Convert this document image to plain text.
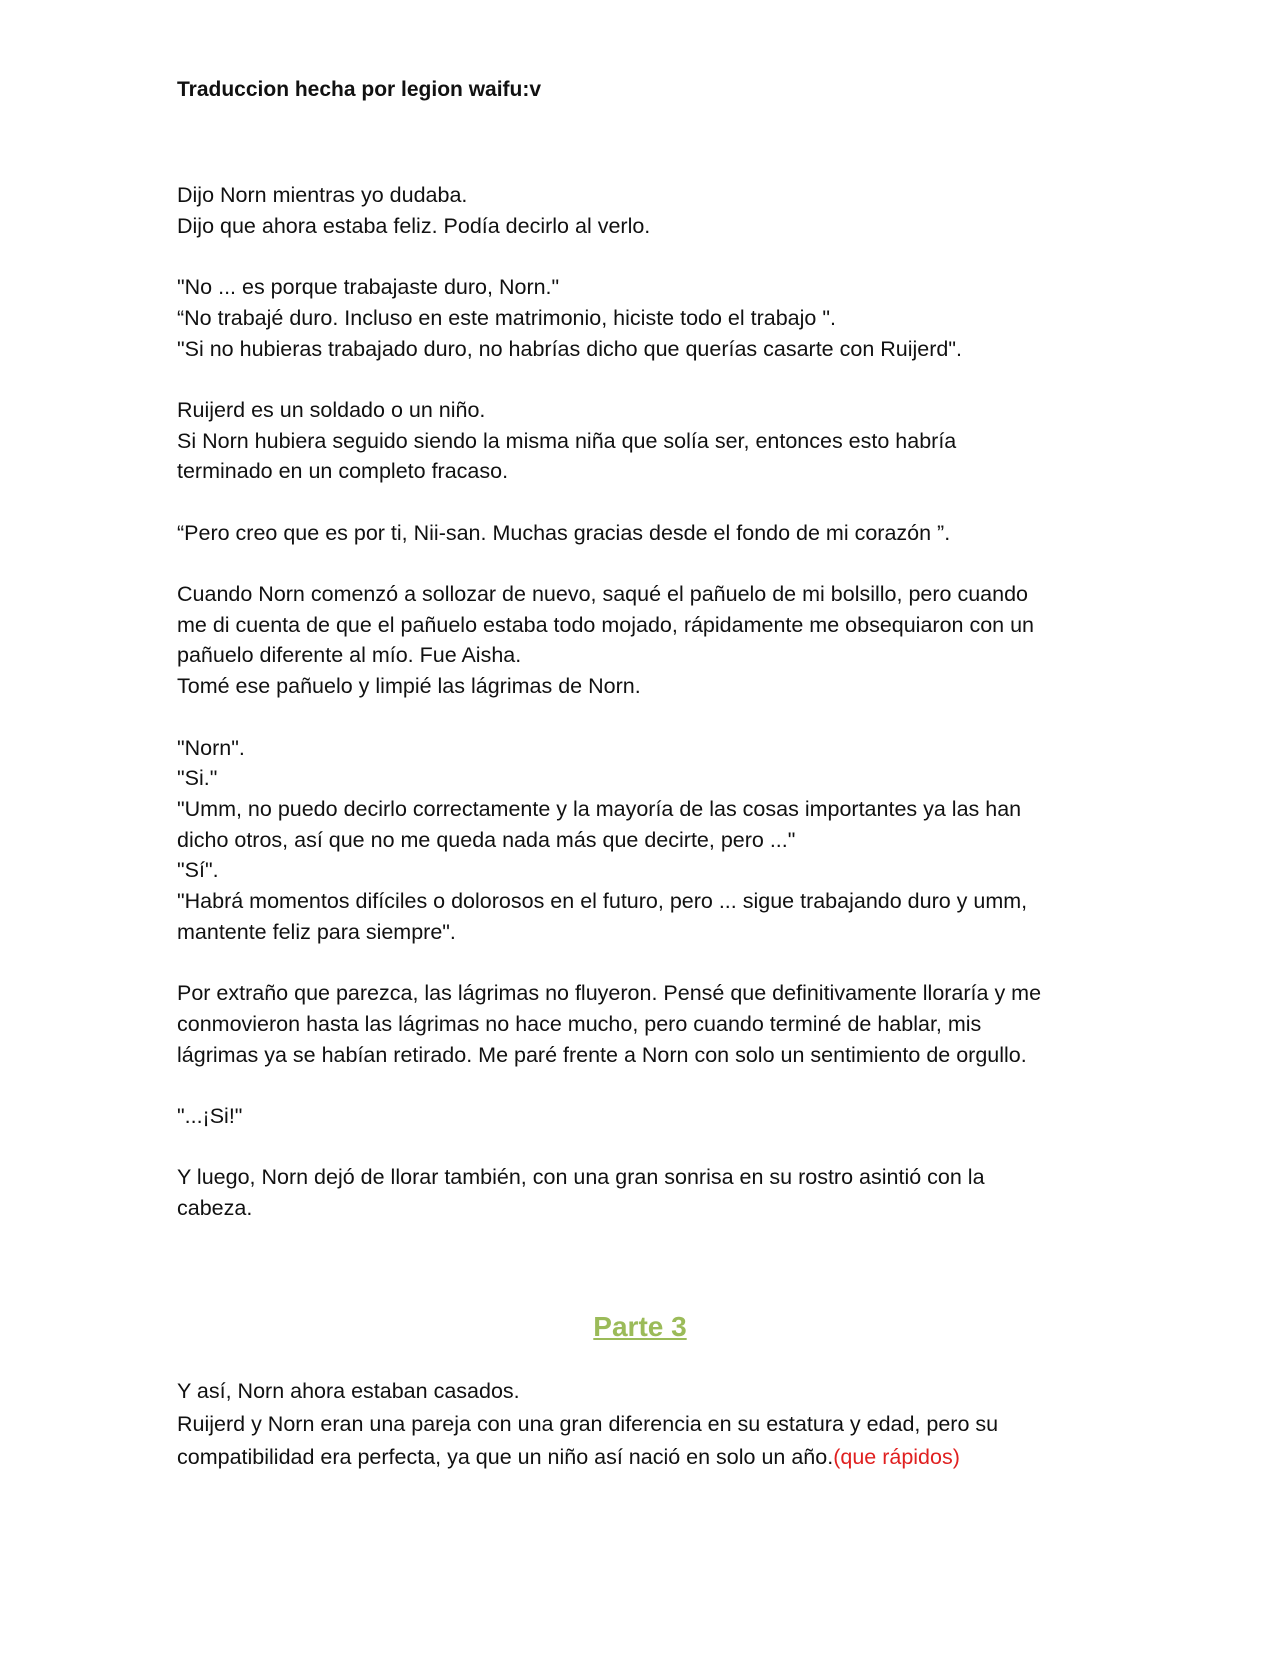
Traduccion hecha por legion waifu:v

Dijo Norn mientras yo dudaba.
Dijo que ahora estaba feliz. Podía decirlo al verlo.

"No ... es porque trabajaste duro, Norn."
“No trabajé duro. Incluso en este matrimonio, hiciste todo el trabajo ".
"Si no hubieras trabajado duro, no habrías dicho que querías casarte con Ruijerd".

Ruijerd es un soldado o un niño.
Si Norn hubiera seguido siendo la misma niña que solía ser, entonces esto habría
terminado en un completo fracaso.

“Pero creo que es por ti, Nii-san. Muchas gracias desde el fondo de mi corazón ”.

Cuando Norn comenzó a sollozar de nuevo, saqué el pañuelo de mi bolsillo, pero cuando
me di cuenta de que el pañuelo estaba todo mojado, rápidamente me obsequiaron con un
pañuelo diferente al mío. Fue Aisha.
Tomé ese pañuelo y limpié las lágrimas de Norn.

"Norn".
"Si."
"Umm, no puedo decirlo correctamente y la mayoría de las cosas importantes ya las han
dicho otros, así que no me queda nada más que decirte, pero ..."
"Sí".
"Habrá momentos difíciles o dolorosos en el futuro, pero ... sigue trabajando duro y umm,
mantente feliz para siempre".

Por extraño que parezca, las lágrimas no fluyeron. Pensé que definitivamente lloraría y me
conmovieron hasta las lágrimas no hace mucho, pero cuando terminé de hablar, mis
lágrimas ya se habían retirado. Me paré frente a Norn con solo un sentimiento de orgullo.

"...¡Si!"

Y luego, Norn dejó de llorar también, con una gran sonrisa en su rostro asintió con la
cabeza.

Parte 3
Y así, Norn ahora estaban casados.
Ruijerd y Norn eran una pareja con una gran diferencia en su estatura y edad, pero su
compatibilidad era perfecta, ya que un niño así nació en solo un año.(que rápidos)
